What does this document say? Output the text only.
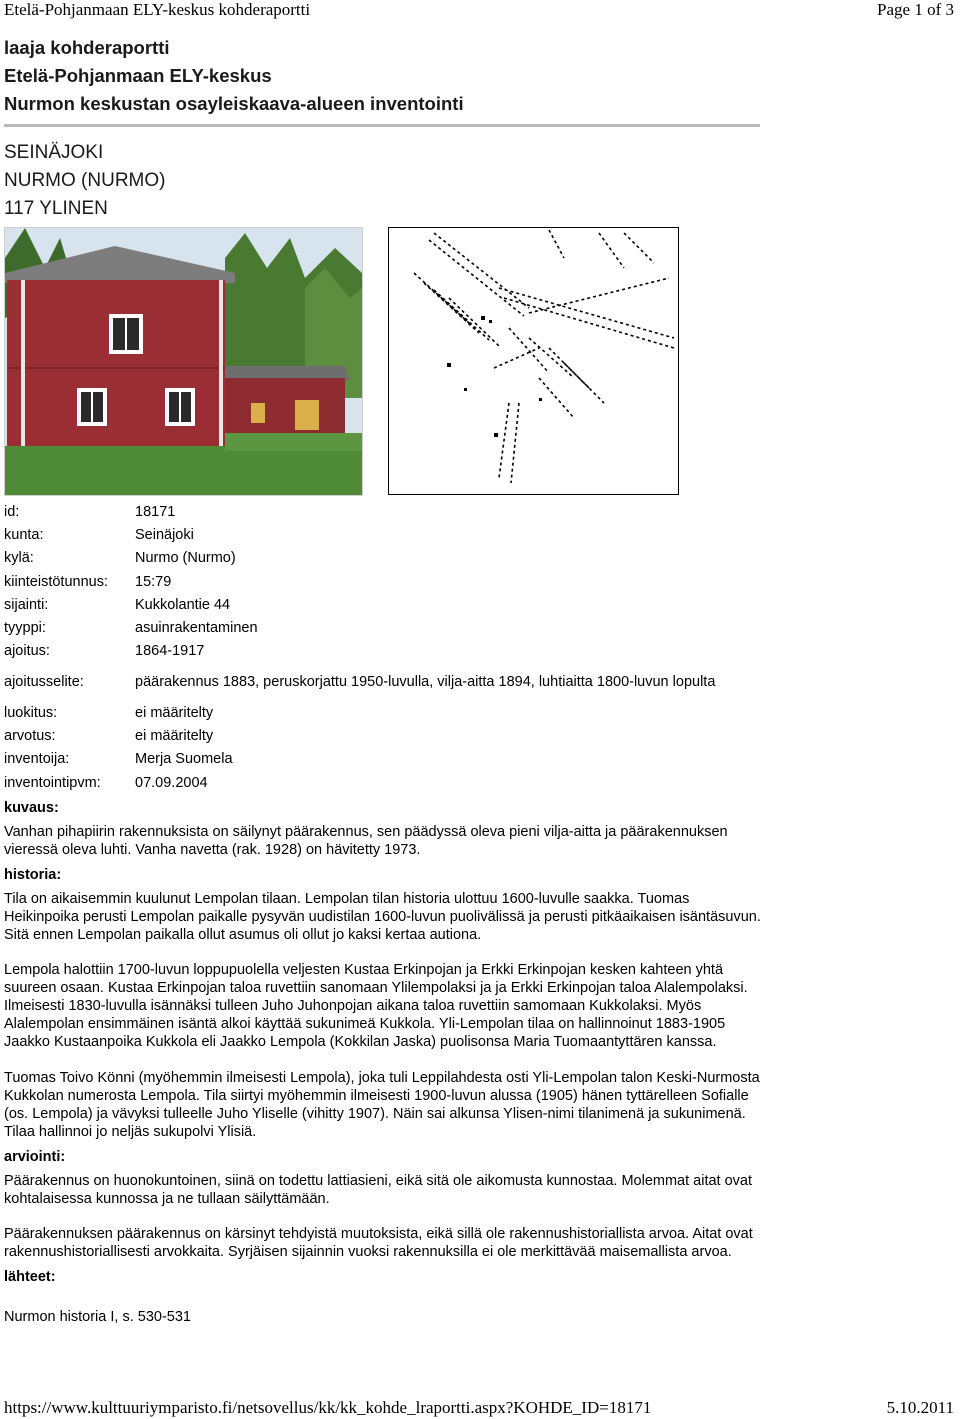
Etelä-Pohjanmaan ELY-keskus kohderaportti	Page 1 of 3
laaja kohderaportti
Etelä-Pohjanmaan ELY-keskus
Nurmon keskustan osayleiskaava-alueen inventointi
SEINÄJOKI
NURMO (NURMO)
117 YLINEN
id:	18171
kunta:	Seinäjoki
kylä:	Nurmo (Nurmo)
kiinteistötunnus:	15:79
sijainti:	Kukkolantie 44
tyyppi:	asuinrakentaminen
ajoitus:	1864-1917
ajoitusselite:	päärakennus 1883, peruskorjattu 1950-luvulla, vilja-aitta 1894, luhtiaitta 1800-luvun lopulta
luokitus:	ei määritelty
arvotus:	ei määritelty
inventoija:	Merja Suomela
inventointipvm:	07.09.2004
kuvaus:
Vanhan pihapiirin rakennuksista on säilynyt päärakennus, sen päädyssä oleva pieni vilja-aitta ja päärakennuksen vieressä oleva luhti. Vanha navetta (rak. 1928) on hävitetty 1973.
historia:
Tila on aikaisemmin kuulunut Lempolan tilaan. Lempolan tilan historia ulottuu 1600-luvulle saakka. Tuomas Heikinpoika perusti Lempolan paikalle pysyvän uudistilan 1600-luvun puolivälissä ja perusti pitkäaikaisen isäntäsuvun. Sitä ennen Lempolan paikalla ollut asumus oli ollut jo kaksi kertaa autiona.
Lempola halottiin 1700-luvun loppupuolella veljesten Kustaa Erkinpojan ja Erkki Erkinpojan kesken kahteen yhtä suureen osaan. Kustaa Erkinpojan taloa ruvettiin sanomaan Ylilempolaksi ja ja Erkki Erkinpojan taloa Alalempolaksi. Ilmeisesti 1830-luvulla isännäksi tulleen Juho Juhonpojan aikana taloa ruvettiin samomaan Kukkolaksi. Myös Alalempolan ensimmäinen isäntä alkoi käyttää sukunimeä Kukkola. Yli-Lempolan tilaa on hallinnoinut 1883-1905 Jaakko Kustaanpoika Kukkola eli Jaakko Lempola (Kokkilan Jaska) puolisonsa Maria Tuomaantyttären kanssa.
Tuomas Toivo Könni (myöhemmin ilmeisesti Lempola), joka tuli Leppilahdesta osti Yli-Lempolan talon Keski-Nurmosta Kukkolan numerosta Lempola. Tila siirtyi myöhemmin ilmeisesti 1900-luvun alussa (1905) hänen tyttärelleen Sofialle (os. Lempola) ja vävyksi tulleelle Juho Yliselle (vihitty 1907). Näin sai alkunsa Ylisen-nimi tilanimenä ja sukunimenä. Tilaa hallinnoi jo neljäs sukupolvi Ylisiä.
arviointi:
Päärakennus on huonokuntoinen, siinä on todettu lattiasieni, eikä sitä ole aikomusta kunnostaa. Molemmat aitat ovat kohtalaisessa kunnossa ja ne tullaan säilyttämään.
Päärakennuksen päärakennus on kärsinyt tehdyistä muutoksista, eikä sillä ole rakennushistoriallista arvoa. Aitat ovat rakennushistoriallisesti arvokkaita. Syrjäisen sijainnin vuoksi rakennuksilla ei ole merkittävää maisemallista arvoa.
lähteet:
Nurmon historia I, s. 530-531
https://www.kulttuuriymparisto.fi/netsovellus/kk/kk_kohde_lraportti.aspx?KOHDE_ID=18171	5.10.2011
